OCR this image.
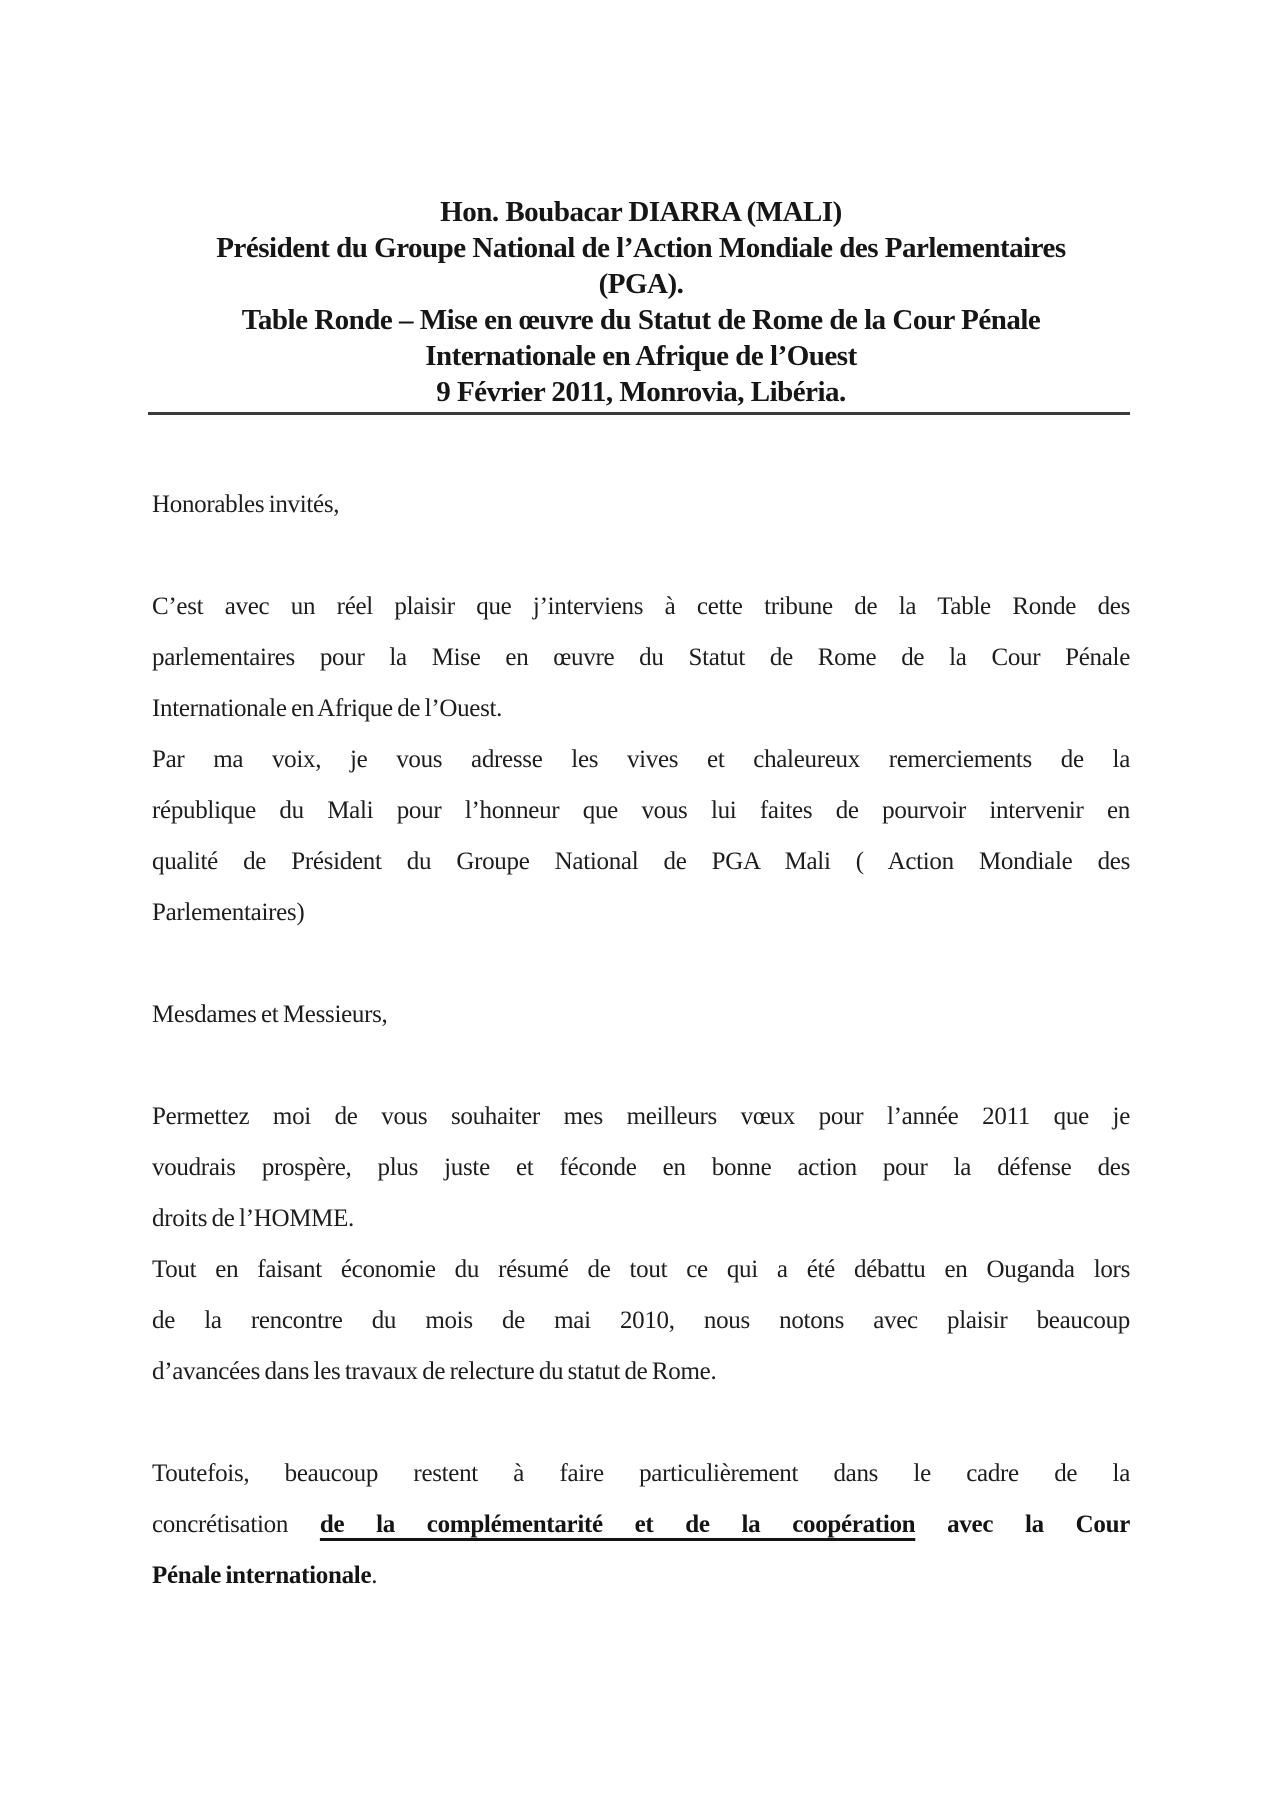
Hon. Boubacar DIARRA (MALI)
Président du Groupe National de l’Action Mondiale des Parlementaires
(PGA).
Table Ronde – Mise en œuvre du Statut de Rome de la Cour Pénale
Internationale en Afrique de l’Ouest
9 Février 2011, Monrovia, Libéria.
Honorables invités,
C’est avec un réel plaisir que j’interviens à cette tribune de la Table Ronde des
parlementaires pour la Mise en œuvre du Statut de Rome de la Cour Pénale
Internationale en Afrique de l’Ouest.
Par ma voix, je vous adresse les vives et chaleureux remerciements de la
république du Mali pour l’honneur que vous lui faites de pourvoir intervenir en
qualité de Président du Groupe National de PGA Mali ( Action Mondiale des
Parlementaires)
Mesdames et Messieurs,
Permettez moi de vous souhaiter mes meilleurs vœux pour l’année 2011 que je
voudrais prospère, plus juste et féconde en bonne action pour la défense des
droits de l’HOMME.
Tout en faisant économie du résumé de tout ce qui a été débattu en Ouganda lors
de la rencontre du mois de mai 2010, nous notons avec plaisir beaucoup
d’avancées dans les travaux de relecture du statut de Rome.
Toutefois, beaucoup restent à faire particulièrement dans le cadre de la
concrétisation de la complémentarité et de la coopération avec la Cour
Pénale internationale.
